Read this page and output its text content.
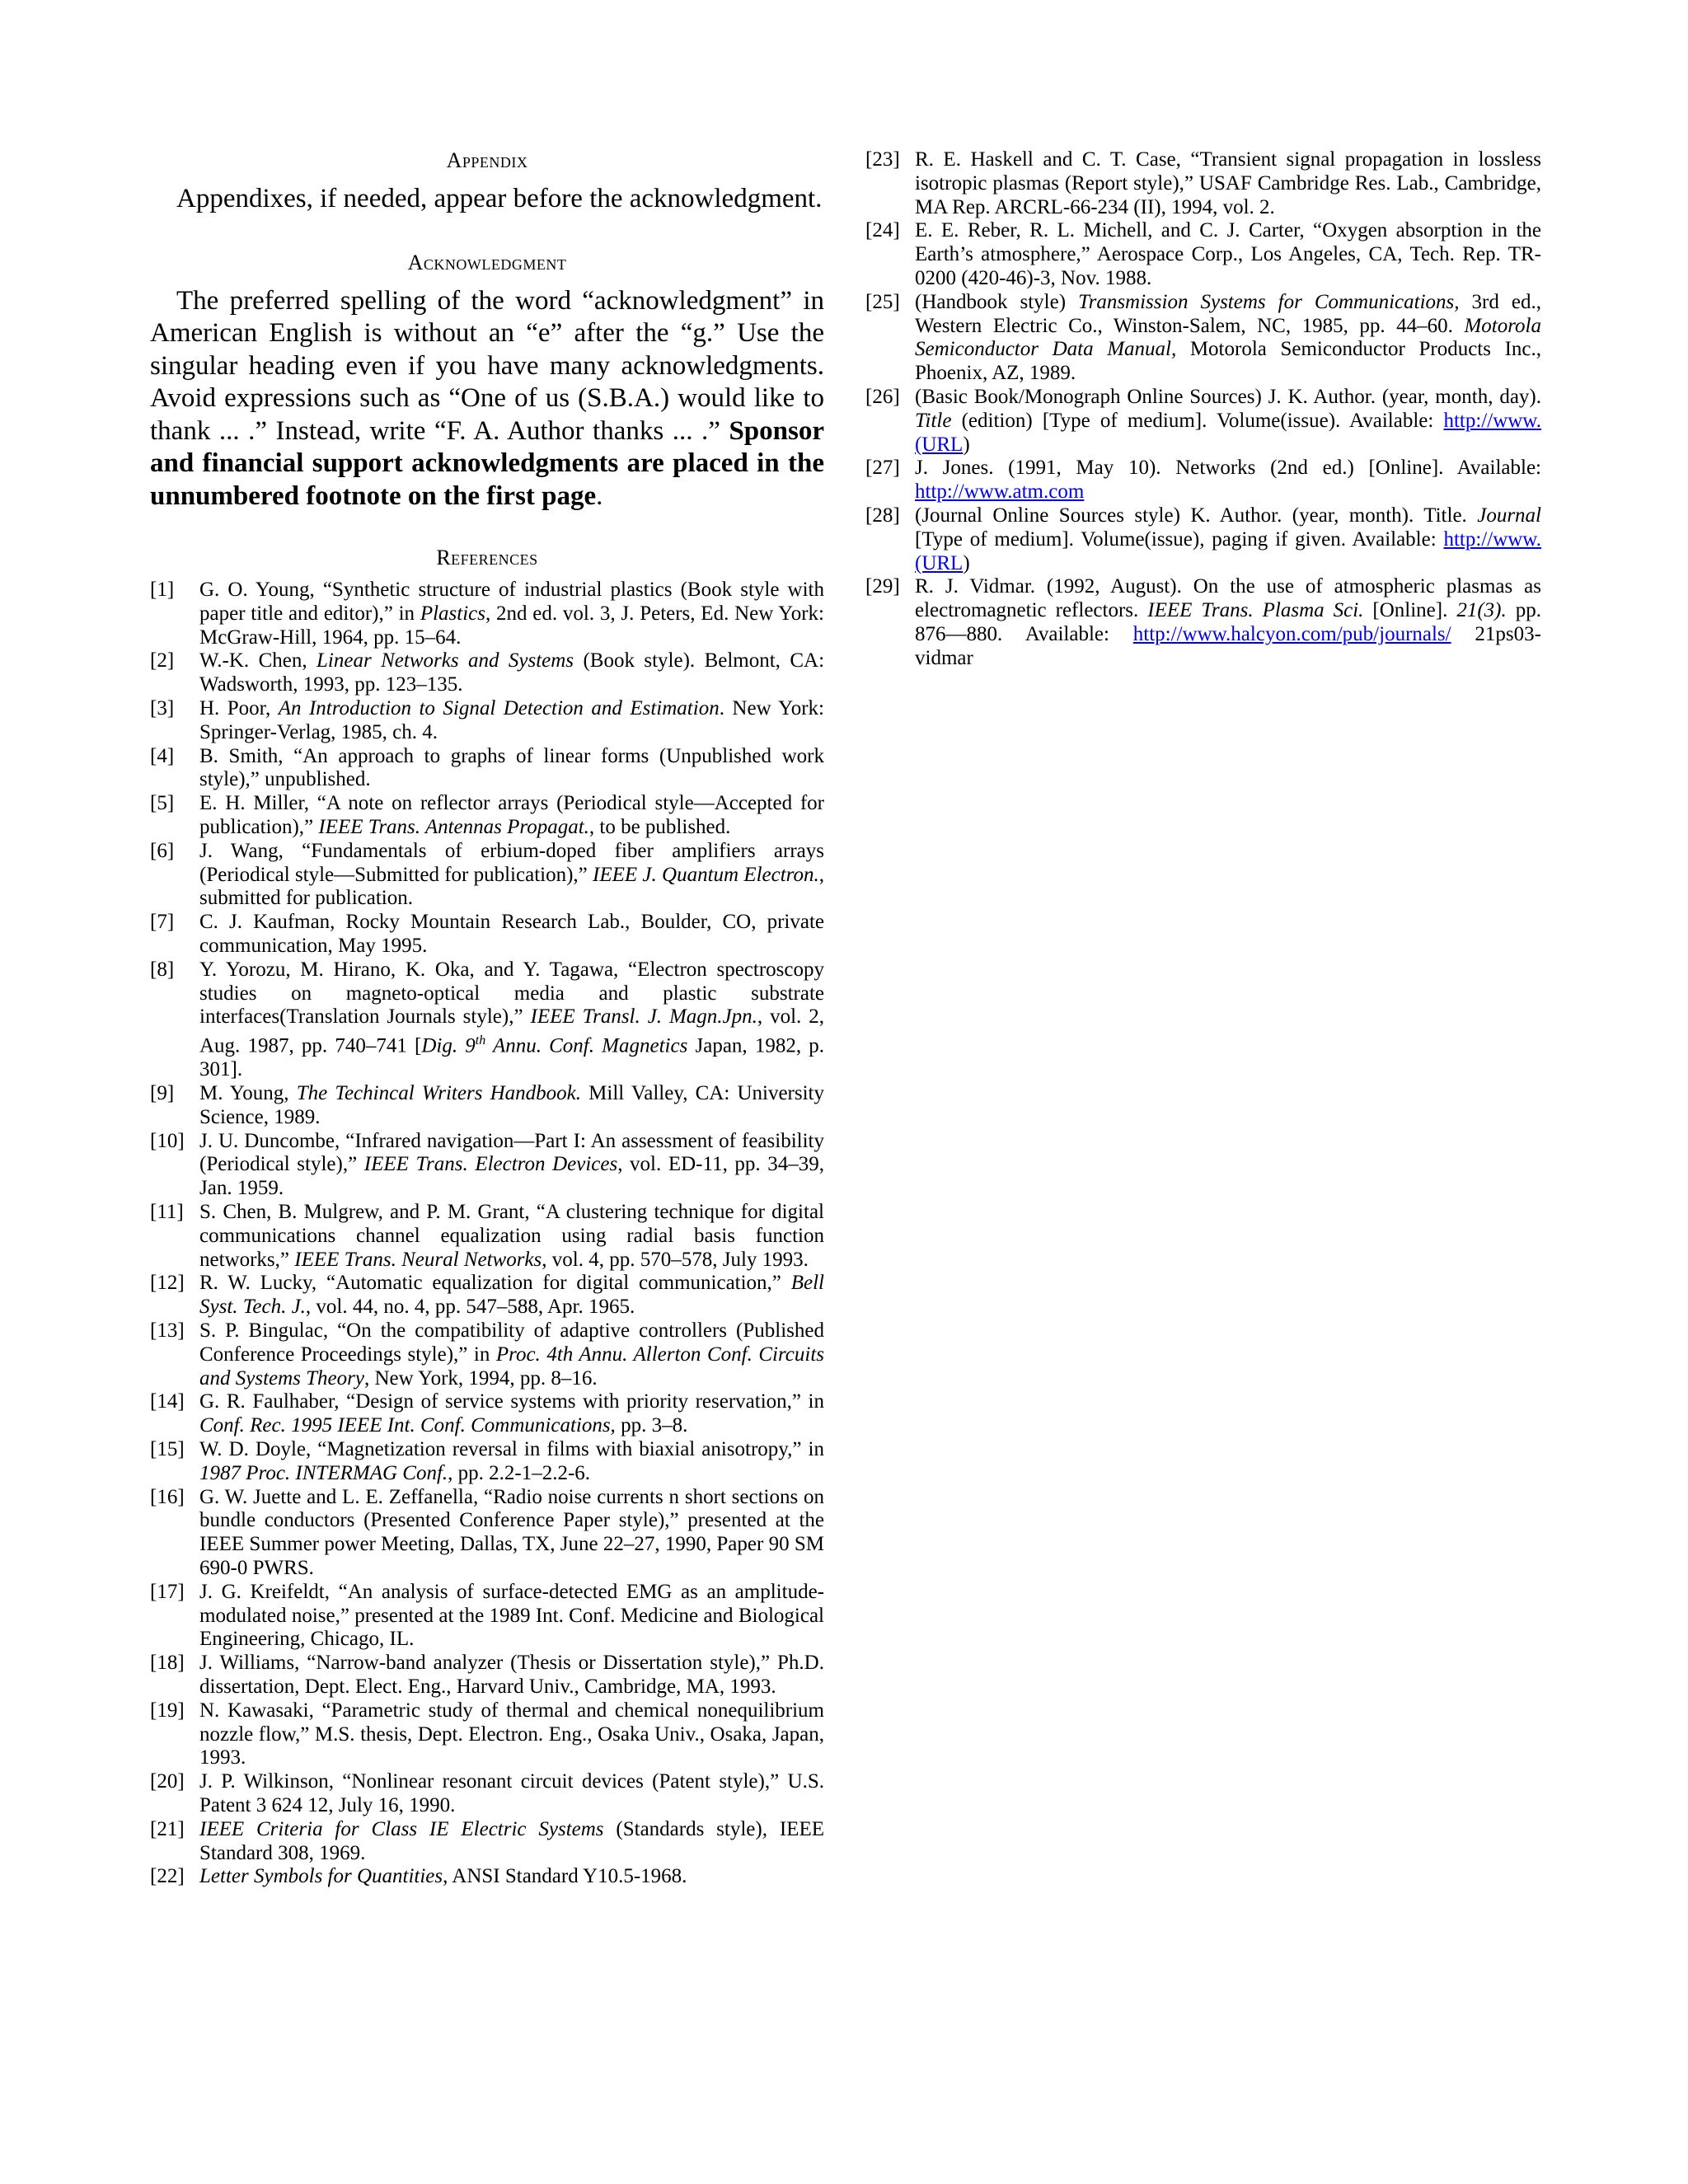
Appendix

Appendixes, if needed, appear before the acknowledgment.

Acknowledgment

The preferred spelling of the word “acknowledgment” in American English is without an “e” after the “g.” Use the singular heading even if you have many acknowledgments. Avoid expressions such as “One of us (S.B.A.) would like to thank ... .” Instead, write “F. A. Author thanks ... .” Sponsor and financial support acknowledgments are placed in the unnumbered footnote on the first page.

References
[1] G. O. Young, “Synthetic structure of industrial plastics (Book style with paper title and editor),” in Plastics, 2nd ed. vol. 3, J. Peters, Ed. New York: McGraw-Hill, 1964, pp. 15–64.
[2] W.-K. Chen, Linear Networks and Systems (Book style). Belmont, CA: Wadsworth, 1993, pp. 123–135.
[3] H. Poor, An Introduction to Signal Detection and Estimation. New York: Springer-Verlag, 1985, ch. 4.
[4] B. Smith, “An approach to graphs of linear forms (Unpublished work style),” unpublished.
[5] E. H. Miller, “A note on reflector arrays (Periodical style—Accepted for publication),” IEEE Trans. Antennas Propagat., to be published.
[6] J. Wang, “Fundamentals of erbium-doped fiber amplifiers arrays (Periodical style—Submitted for publication),” IEEE J. Quantum Electron., submitted for publication.
[7] C. J. Kaufman, Rocky Mountain Research Lab., Boulder, CO, private communication, May 1995.
[8] Y. Yorozu, M. Hirano, K. Oka, and Y. Tagawa, “Electron spectroscopy studies on magneto-optical media and plastic substrate interfaces(Translation Journals style),” IEEE Transl. J. Magn.Jpn., vol. 2, Aug. 1987, pp. 740–741 [Dig. 9th Annu. Conf. Magnetics Japan, 1982, p. 301].
[9] M. Young, The Techincal Writers Handbook. Mill Valley, CA: University Science, 1989.
[10] J. U. Duncombe, “Infrared navigation—Part I: An assessment of feasibility (Periodical style),” IEEE Trans. Electron Devices, vol. ED-11, pp. 34–39, Jan. 1959.
[11] S. Chen, B. Mulgrew, and P. M. Grant, “A clustering technique for digital communications channel equalization using radial basis function networks,” IEEE Trans. Neural Networks, vol. 4, pp. 570–578, July 1993.
[12] R. W. Lucky, “Automatic equalization for digital communication,” Bell Syst. Tech. J., vol. 44, no. 4, pp. 547–588, Apr. 1965.
[13] S. P. Bingulac, “On the compatibility of adaptive controllers (Published Conference Proceedings style),” in Proc. 4th Annu. Allerton Conf. Circuits and Systems Theory, New York, 1994, pp. 8–16.
[14] G. R. Faulhaber, “Design of service systems with priority reservation,” in Conf. Rec. 1995 IEEE Int. Conf. Communications, pp. 3–8.
[15] W. D. Doyle, “Magnetization reversal in films with biaxial anisotropy,” in 1987 Proc. INTERMAG Conf., pp. 2.2-1–2.2-6.
[16] G. W. Juette and L. E. Zeffanella, “Radio noise currents n short sections on bundle conductors (Presented Conference Paper style),” presented at the IEEE Summer power Meeting, Dallas, TX, June 22–27, 1990, Paper 90 SM 690-0 PWRS.
[17] J. G. Kreifeldt, “An analysis of surface-detected EMG as an amplitude-modulated noise,” presented at the 1989 Int. Conf. Medicine and Biological Engineering, Chicago, IL.
[18] J. Williams, “Narrow-band analyzer (Thesis or Dissertation style),” Ph.D. dissertation, Dept. Elect. Eng., Harvard Univ., Cambridge, MA, 1993.
[19] N. Kawasaki, “Parametric study of thermal and chemical nonequilibrium nozzle flow,” M.S. thesis, Dept. Electron. Eng., Osaka Univ., Osaka, Japan, 1993.
[20] J. P. Wilkinson, “Nonlinear resonant circuit devices (Patent style),” U.S. Patent 3 624 12, July 16, 1990.
[21] IEEE Criteria for Class IE Electric Systems (Standards style), IEEE Standard 308, 1969.
[22] Letter Symbols for Quantities, ANSI Standard Y10.5-1968.
[23] R. E. Haskell and C. T. Case, “Transient signal propagation in lossless isotropic plasmas (Report style),” USAF Cambridge Res. Lab., Cambridge, MA Rep. ARCRL-66-234 (II), 1994, vol. 2.
[24] E. E. Reber, R. L. Michell, and C. J. Carter, “Oxygen absorption in the Earth’s atmosphere,” Aerospace Corp., Los Angeles, CA, Tech. Rep. TR-0200 (420-46)-3, Nov. 1988.
[25] (Handbook style) Transmission Systems for Communications, 3rd ed., Western Electric Co., Winston-Salem, NC, 1985, pp. 44–60. Motorola Semiconductor Data Manual, Motorola Semiconductor Products Inc., Phoenix, AZ, 1989.
[26] (Basic Book/Monograph Online Sources) J. K. Author. (year, month, day). Title (edition) [Type of medium]. Volume(issue). Available: http://www.(URL)
[27] J. Jones. (1991, May 10). Networks (2nd ed.) [Online]. Available: http://www.atm.com
[28] (Journal Online Sources style) K. Author. (year, month). Title. Journal [Type of medium]. Volume(issue), paging if given. Available: http://www.(URL)
[29] R. J. Vidmar. (1992, August). On the use of atmospheric plasmas as electromagnetic reflectors. IEEE Trans. Plasma Sci. [Online]. 21(3). pp. 876—880. Available: http://www.halcyon.com/pub/journals/ 21ps03-vidmar
